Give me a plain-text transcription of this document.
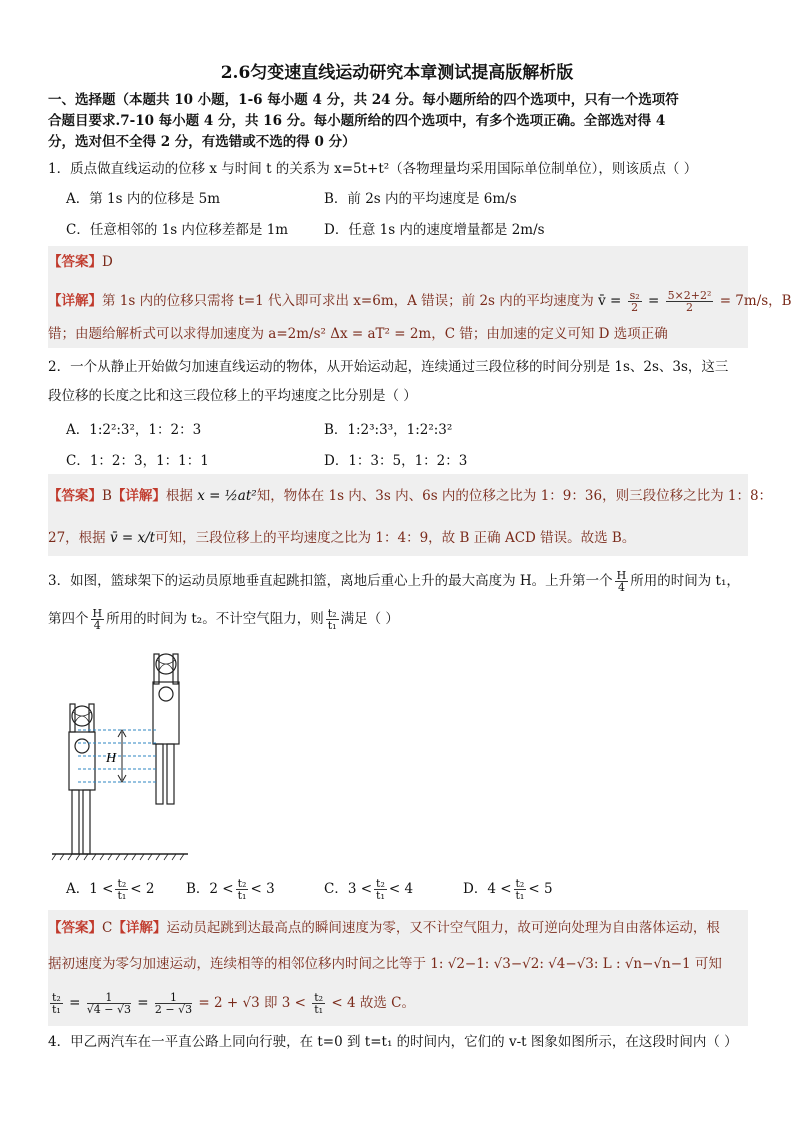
2.6匀变速直线运动研究本章测试提高版解析版
一、选择题（本题共 10 小题，1-6 每小题 4 分，共 24 分。每小题所给的四个选项中，只有一个选项符
合题目要求.7-10 每小题 4 分，共 16 分。每小题所给的四个选项中，有多个选项正确。全部选对得 4
分，选对但不全得 2 分，有选错或不选的得 0 分）
1．质点做直线运动的位移 x 与时间 t 的关系为 x=5t+t²（各物理量均采用国际单位制单位），则该质点（ ）
A．第 1s 内的位移是 5m	B．前 2s 内的平均速度是 6m/s
C．任意相邻的 1s 内位移差都是 1m	D．任意 1s 内的速度增量都是 2m/s
【答案】D
【详解】第 1s 内的位移只需将 t=1 代入即可求出 x=6m，A 错误；前 2s 内的平均速度为 v̄ = $\frac{\text{s₂}}{2} = \frac{\text{5×2+2²}}{2} = 7m/s$，B
错；由题给解析式可以求得加速度为 a=2m/s² Δx = aT² = 2m，C 错；由加速的定义可知 D 选项正确
2．一个从静止开始做匀加速直线运动的物体，从开始运动起，连续通过三段位移的时间分别是 1s、2s、3s，这三
段位移的长度之比和这三段位移上的平均速度之比分别是（ ）
A．1:2²:3²，1：2：3	B．1:2³:3³，1:2²:3²
C．1：2：3，1：1：1	D．1：3：5，1：2：3
【答案】B【详解】根据 x = ½at²知，物体在 1s 内、3s 内、6s 内的位移之比为 1：9：36，则三段位移之比为 1：8：
27，根据 v̄ = x/t可知，三段位移上的平均速度之比为 1：4：9，故 B 正确 ACD 错误。故选 B。
3．如图，篮球架下的运动员原地垂直起跳扣篮，离地后重心上升的最大高度为 H。上升第一个 $\frac{H}{4}$ 所用的时间为 t₁，
第四个 $\frac{H}{4}$ 所用的时间为 t₂。不计空气阻力，则 $\frac{\text{t₂}}{\text{t₁}}$ 满足（ ）
H
A．$1 < \frac{\text{t₂}}{\text{t₁}} < 2$ B．$2 < \frac{\text{t₂}}{\text{t₁}} < 3$	C．$3 < \frac{\text{t₂}}{\text{t₁}} < 4$	D．$4 < \frac{\text{t₂}}{\text{t₁}} < 5$
【答案】C【详解】运动员起跳到达最高点的瞬间速度为零，又不计空气阻力，故可逆向处理为自由落体运动，根
据初速度为零匀加速运动，连续相等的相邻位移内时间之比等于 1: √2−1: √3−√2: √4−√3: L : √n−√n−1 可知
$\frac{\text{t₂}}{\text{t₁}} = \frac{1}{√4 - √3} = \frac{1}{2 - √3} = 2 + √3$ 即 $3 < \frac{\text{t₂}}{\text{t₁}} < 4$ 故选 C。
4．甲乙两汽车在一平直公路上同向行驶，在 t=0 到 t=t₁ 的时间内，它们的 v-t 图象如图所示，在这段时间内（ ）
